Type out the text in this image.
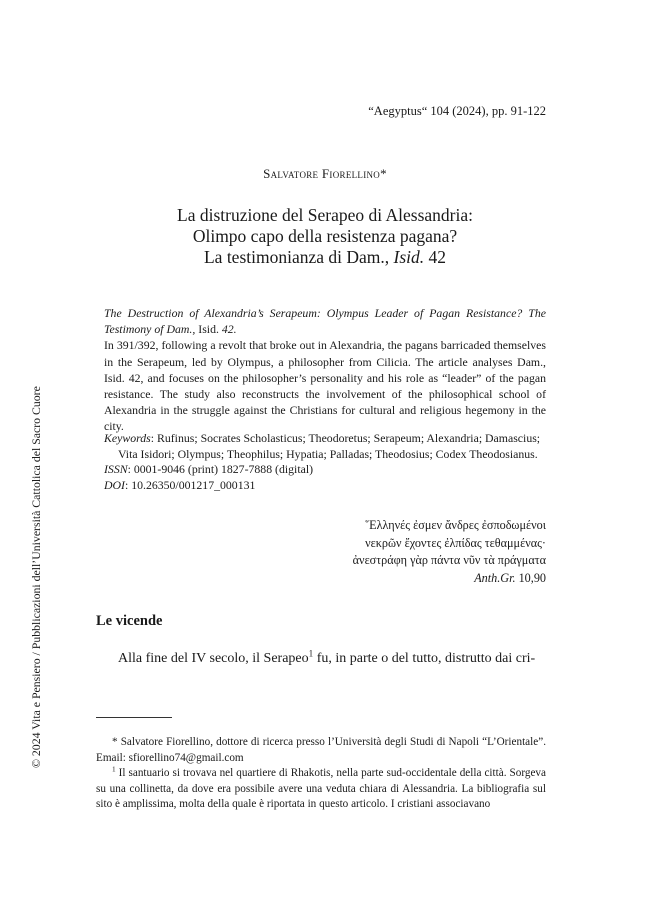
“Aegyptus“ 104 (2024), pp. 91-122
Salvatore Fiorellino*
La distruzione del Serapeo di Alessandria:
Olimpo capo della resistenza pagana?
La testimonianza di Dam., Isid. 42

The Destruction of Alexandria’s Serapeum: Olympus Leader of Pagan Resistance? The Testimony of Dam., Isid. 42.

In 391/392, following a revolt that broke out in Alexandria, the pagans barricaded themselves in the Serapeum, led by Olympus, a philosopher from Cilicia. The article analyses Dam., Isid. 42, and focuses on the philosopher’s personality and his role as “leader” of the pagan resistance. The study also reconstructs the involvement of the philosophical school of Alexandria in the struggle against the Christians for cultural and religious hegemony in the city.

Keywords: Rufinus; Socrates Scholasticus; Theodoretus; Serapeum; Alexandria; Damascius;

Vita Isidori; Olympus; Theophilus; Hypatia; Palladas; Theodosius; Codex Theodosianus.

ISSN: 0001-9046 (print) 1827-7888 (digital)

DOI: 10.26350/001217_000131

῞Ελληνές ἐσμεν ἄνδρες ἐσποδωμένοι
νεκρῶν ἔχοντες ἐλπίδας τεθαμμένας·
ἀνεστράφη γὰρ πάντα νῦν τὰ πράγματα
Anth.Gr. 10,90
Le vicende
Alla fine del IV secolo, il Serapeo$^1$ fu, in parte o del tutto, distrutto dai cri-

* Salvatore Fiorellino, dottore di ricerca presso l’Università degli Studi di Napoli “L’Orientale”. Email: sfiorellino74@gmail.com

$^1$ Il santuario si trovava nel quartiere di Rhakotis, nella parte sud-occidentale della città. Sorgeva su una collinetta, da dove era possibile avere una veduta chiara di Alessandria. La bibliografia sul sito è amplissima, molta della quale è riportata in questo articolo. I cristiani associavano

© 2024 Vita e Pensiero / Pubblicazioni dell’Università Cattolica del Sacro Cuore
